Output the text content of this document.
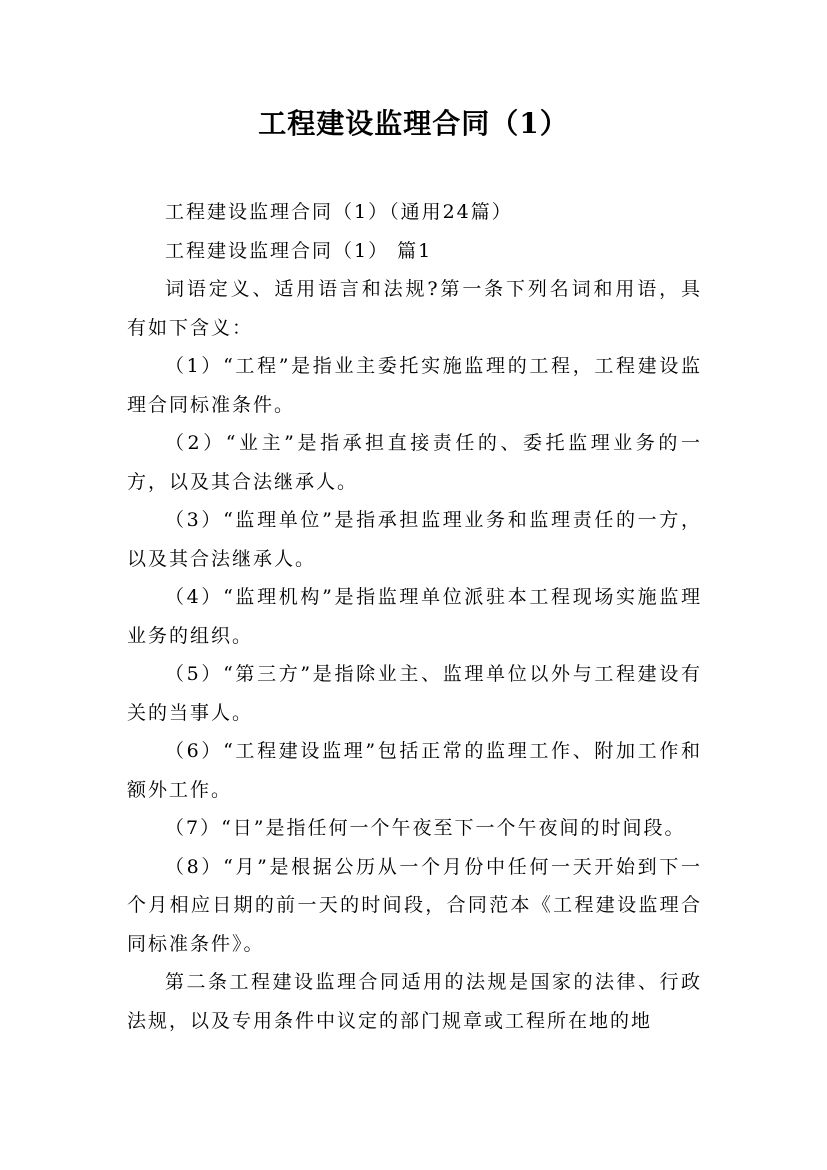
工程建设监理合同（1）

工程建设监理合同（1）（通用24篇）

工程建设监理合同（1） 篇1

词语定义、适用语言和法规?第一条下列名词和用语，具有如下含义：

（1）“工程”是指业主委托实施监理的工程，工程建设监理合同标准条件。

（2）“业主”是指承担直接责任的、委托监理业务的一方，以及其合法继承人。

（3）“监理单位”是指承担监理业务和监理责任的一方，以及其合法继承人。

（4）“监理机构”是指监理单位派驻本工程现场实施监理业务的组织。

（5）“第三方”是指除业主、监理单位以外与工程建设有关的当事人。

（6）“工程建设监理”包括正常的监理工作、附加工作和额外工作。

（7）“日”是指任何一个午夜至下一个午夜间的时间段。

（8）“月”是根据公历从一个月份中任何一天开始到下一个月相应日期的前一天的时间段，合同范本《工程建设监理合同标准条件》。

第二条工程建设监理合同适用的法规是国家的法律、行政法规，以及专用条件中议定的部门规章或工程所在地的地
